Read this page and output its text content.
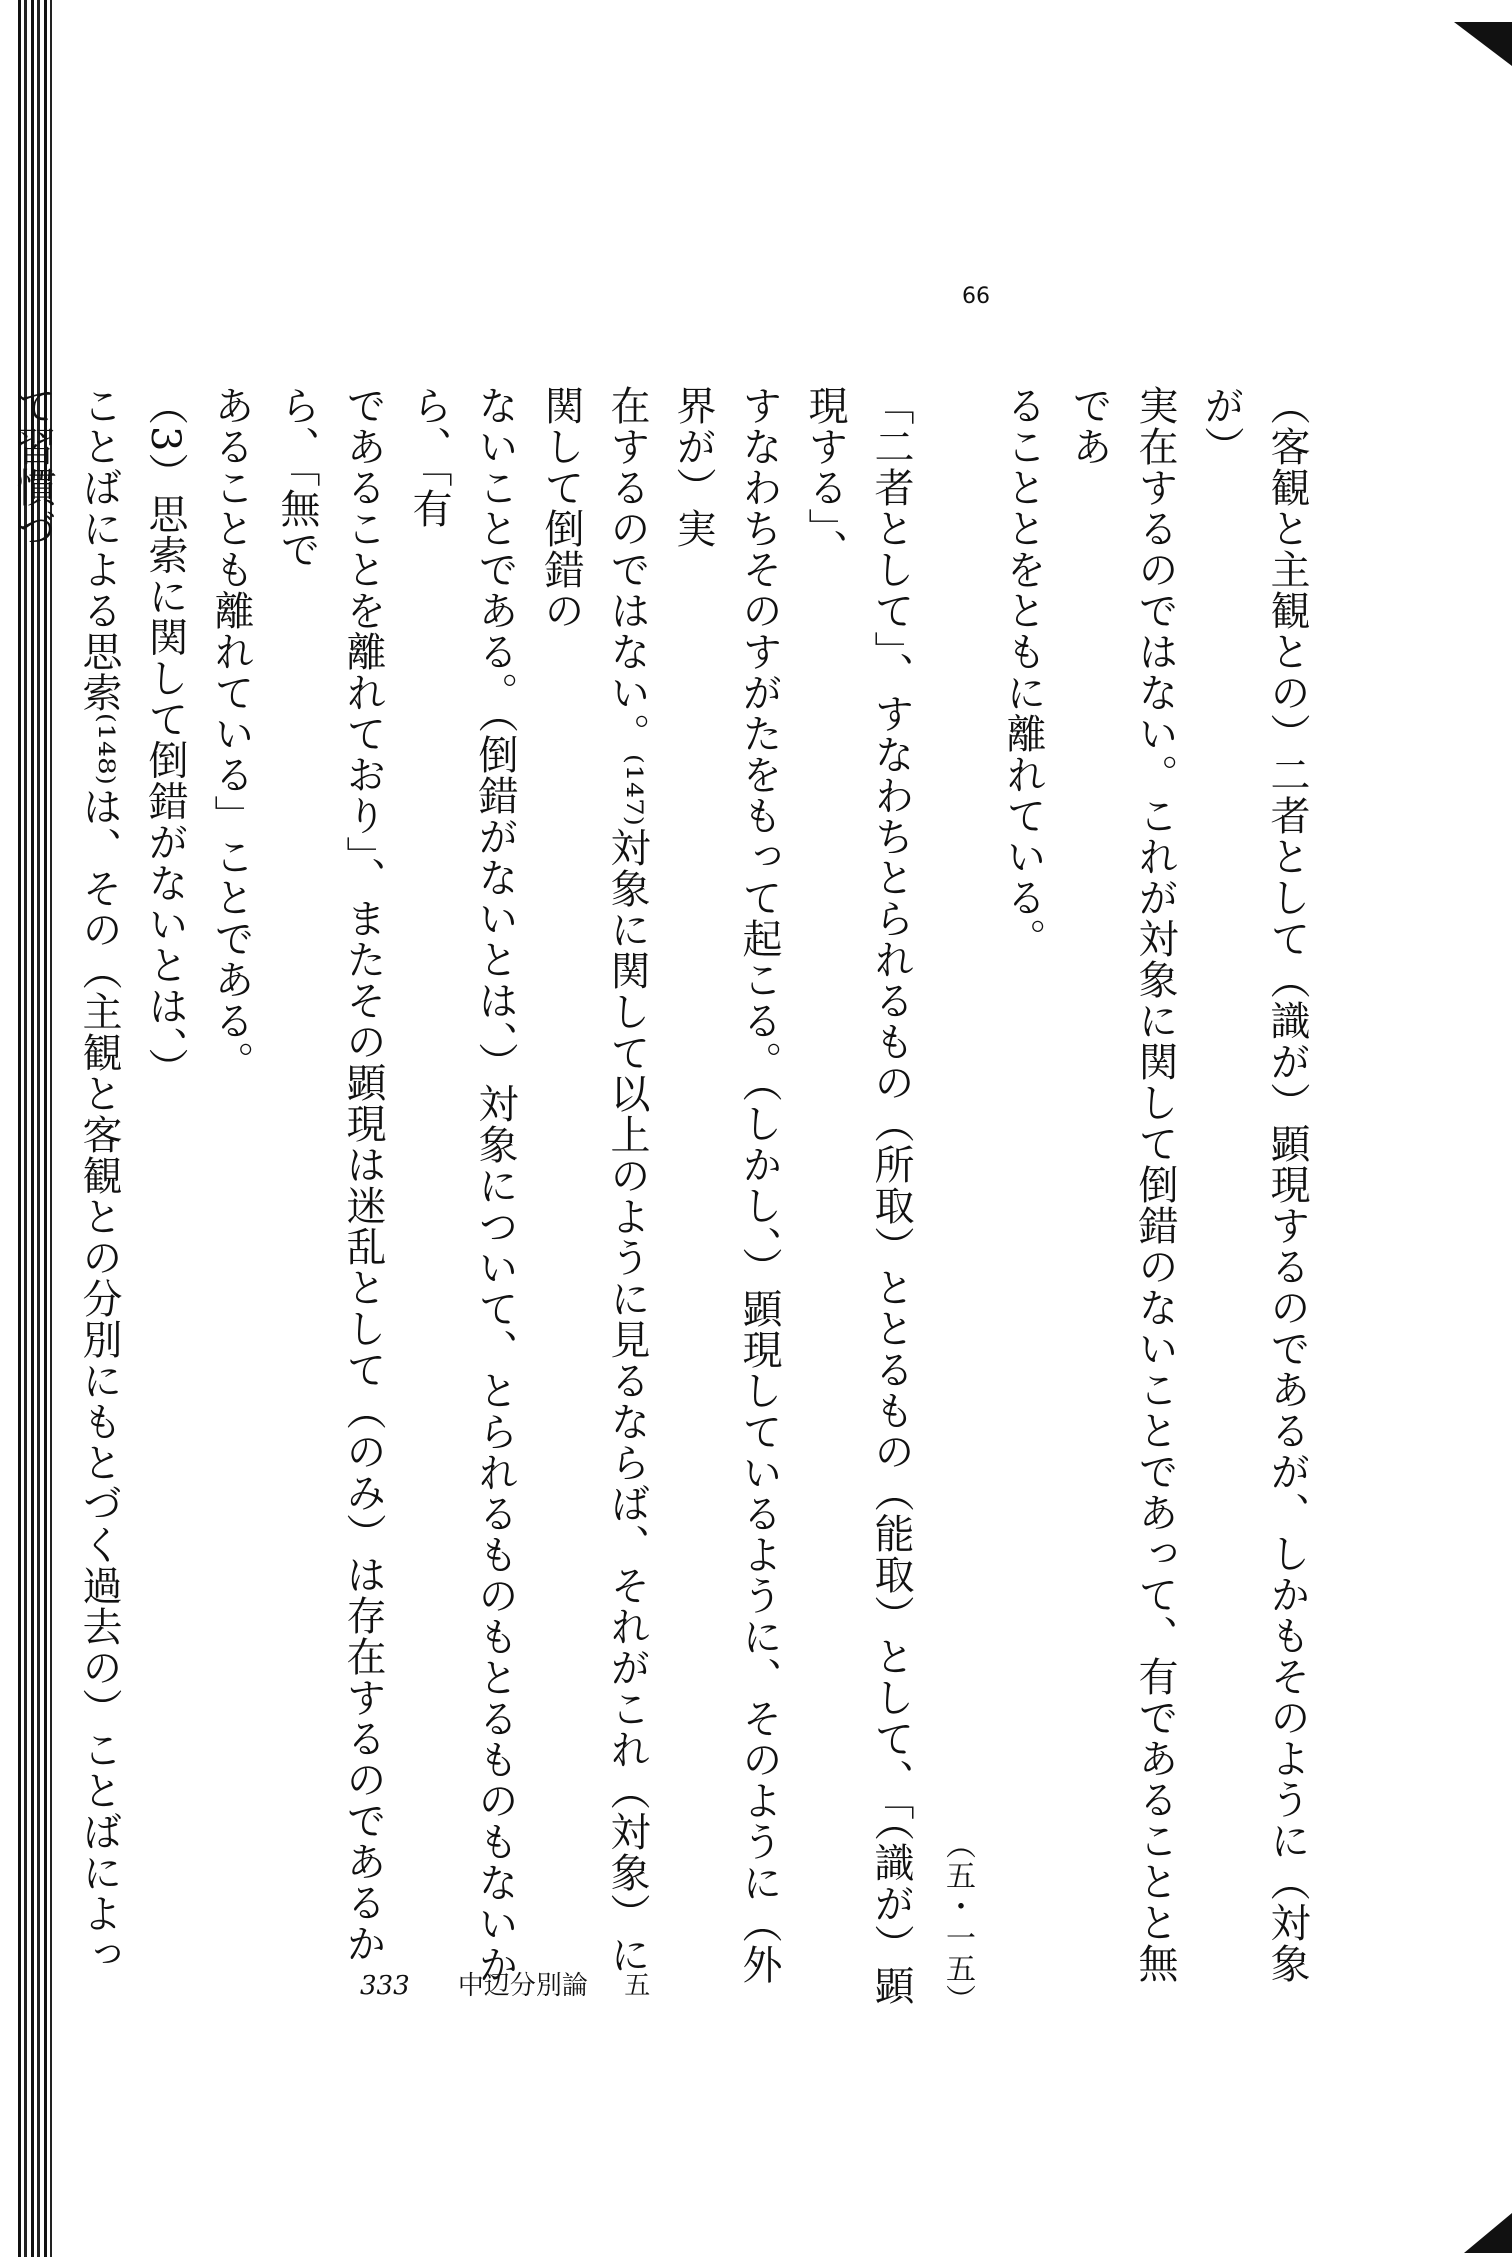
66
（客観と主観との）二者として（識が）顕現するのであるが、しかもそのように（対象が）
実在するのではない。これが対象に関して倒錯のないことであって、有であることと無であ
ることとをともに離れている。
（五・一五）
「二者として」、すなわちとられるもの（所取）ととるもの（能取）として、「（識が）顕現する」、
すなわちそのすがたをもって起こる。（しかし、）顕現しているように、そのように（外界が）実
在するのではない。⁽¹⁴⁷⁾対象に関して以上のように見るならば、それがこれ（対象）に関して倒錯の
ないことである。（倒錯がないとは、）対象について、とられるものもとるものもないから、「有
であることを離れており」、またその顕現は迷乱として（のみ）は存在するのであるから、「無で
あることも離れている」ことである。
（3）思索に関して倒錯がないとは、）
ことばによる思索⁽¹⁴⁸⁾は、その（主観と客観との分別にもとづく過去の）ことばによって習慣づ
333 中辺分別論 五
